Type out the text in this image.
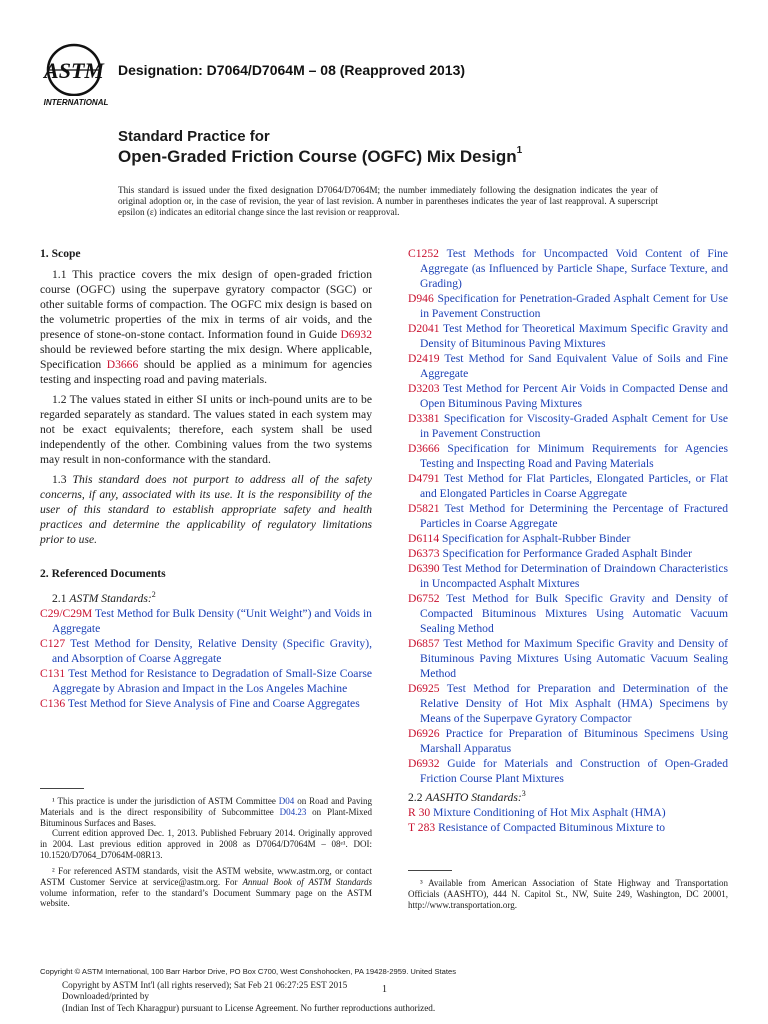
ASTM
INTERNATIONAL
Designation: D7064/D7064M – 08 (Reapproved 2013)
Standard Practice for
Open-Graded Friction Course (OGFC) Mix Design$^1$
This standard is issued under the fixed designation D7064/D7064M; the number immediately following the designation indicates the year of original adoption or, in the case of revision, the year of last revision. A number in parentheses indicates the year of last reapproval. A superscript epsilon (ε) indicates an editorial change since the last revision or reapproval.
1. Scope

1.1 This practice covers the mix design of open-graded friction course (OGFC) using the superpave gyratory compactor (SGC) or other suitable forms of compaction. The OGFC mix design is based on the volumetric properties of the mix in terms of air voids, and the presence of stone-on-stone contact. Information found in Guide D6932 should be reviewed before starting the mix design. Where applicable, Specification D3666 should be applied as a minimum for agencies testing and inspecting road and paving materials.

1.2 The values stated in either SI units or inch-pound units are to be regarded separately as standard. The values stated in each system may not be exact equivalents; therefore, each system shall be used independently of the other. Combining values from the two systems may result in non-conformance with the standard.

1.3 This standard does not purport to address all of the safety concerns, if any, associated with its use. It is the responsibility of the user of this standard to establish appropriate safety and health practices and determine the applicability of regulatory limitations prior to use.

2. Referenced Documents
2.1 ASTM Standards:$^2$
C29/C29M Test Method for Bulk Density (“Unit Weight”) and Voids in Aggregate
C127 Test Method for Density, Relative Density (Specific Gravity), and Absorption of Coarse Aggregate
C131 Test Method for Resistance to Degradation of Small-Size Coarse Aggregate by Abrasion and Impact in the Los Angeles Machine
C136 Test Method for Sieve Analysis of Fine and Coarse Aggregates
C1252 Test Methods for Uncompacted Void Content of Fine Aggregate (as Influenced by Particle Shape, Surface Texture, and Grading)
D946 Specification for Penetration-Graded Asphalt Cement for Use in Pavement Construction
D2041 Test Method for Theoretical Maximum Specific Gravity and Density of Bituminous Paving Mixtures
D2419 Test Method for Sand Equivalent Value of Soils and Fine Aggregate
D3203 Test Method for Percent Air Voids in Compacted Dense and Open Bituminous Paving Mixtures
D3381 Specification for Viscosity-Graded Asphalt Cement for Use in Pavement Construction
D3666 Specification for Minimum Requirements for Agencies Testing and Inspecting Road and Paving Materials
D4791 Test Method for Flat Particles, Elongated Particles, or Flat and Elongated Particles in Coarse Aggregate
D5821 Test Method for Determining the Percentage of Fractured Particles in Coarse Aggregate
D6114 Specification for Asphalt-Rubber Binder
D6373 Specification for Performance Graded Asphalt Binder
D6390 Test Method for Determination of Draindown Characteristics in Uncompacted Asphalt Mixtures
D6752 Test Method for Bulk Specific Gravity and Density of Compacted Bituminous Mixtures Using Automatic Vacuum Sealing Method
D6857 Test Method for Maximum Specific Gravity and Density of Bituminous Paving Mixtures Using Automatic Vacuum Sealing Method
D6925 Test Method for Preparation and Determination of the Relative Density of Hot Mix Asphalt (HMA) Specimens by Means of the Superpave Gyratory Compactor
D6926 Practice for Preparation of Bituminous Specimens Using Marshall Apparatus
D6932 Guide for Materials and Construction of Open-Graded Friction Course Plant Mixtures
2.2 AASHTO Standards:$^3$
R 30 Mixture Conditioning of Hot Mix Asphalt (HMA)
T 283 Resistance of Compacted Bituminous Mixture to
¹ This practice is under the jurisdiction of ASTM Committee D04 on Road and Paving Materials and is the direct responsibility of Subcommittee D04.23 on Plant-Mixed Bituminous Surfaces and Bases.
Current edition approved Dec. 1, 2013. Published February 2014. Originally approved in 2004. Last previous edition approved in 2008 as D7064/D7064M – 08ᵉ¹. DOI: 10.1520/D7064_D7064M-08R13.
² For referenced ASTM standards, visit the ASTM website, www.astm.org, or contact ASTM Customer Service at service@astm.org. For Annual Book of ASTM Standards volume information, refer to the standard’s Document Summary page on the ASTM website.
³ Available from American Association of State Highway and Transportation Officials (AASHTO), 444 N. Capitol St., NW, Suite 249, Washington, DC 20001, http://www.transportation.org.
Copyright © ASTM International, 100 Barr Harbor Drive, PO Box C700, West Conshohocken, PA 19428-2959. United States
Copyright by ASTM Int'l (all rights reserved); Sat Feb 21 06:27:25 EST 2015
Downloaded/printed by
(Indian Inst of Tech Kharagpur) pursuant to License Agreement. No further reproductions authorized.
1
